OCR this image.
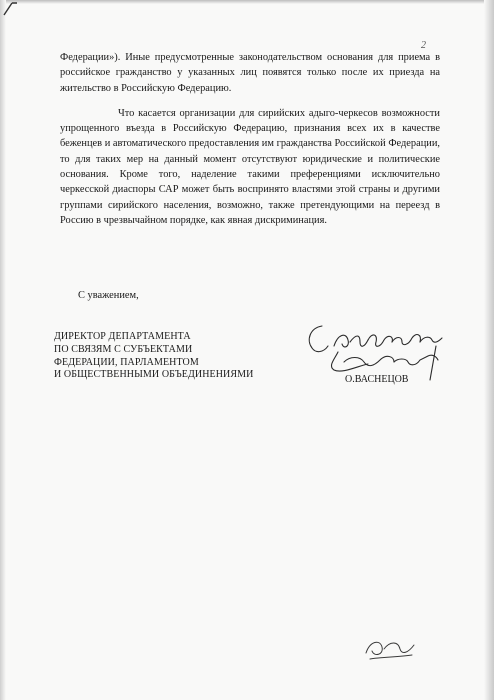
2

Федерации»). Иные предусмотренные законодательством основания для приема в российское гражданство у указанных лиц появятся только после их приезда на жительство в Российскую Федерацию.

Что касается организации для сирийских адыго-черкесов возможности упрощенного въезда в Российскую Федерацию, признания всех их в качестве беженцев и автоматического предоставления им гражданства Российской Федерации, то для таких мер на данный момент отсутствуют юридические и политические основания. Кроме того, наделение такими преференциями исключительно черкесской диаспоры САР может быть воспринято властями этой страны и другими группами сирийского населения, возможно, также претендующими на переезд в Россию в чрезвычайном порядке, как явная дискриминация.

С уважением,
ДИРЕКТОР ДЕПАРТАМЕНТА
ПО СВЯЗЯМ С СУБЪЕКТАМИ
ФЕДЕРАЦИИ, ПАРЛАМЕНТОМ
И ОБЩЕСТВЕННЫМИ ОБЪЕДИНЕНИЯМИ	О.ВАСНЕЦОВ
